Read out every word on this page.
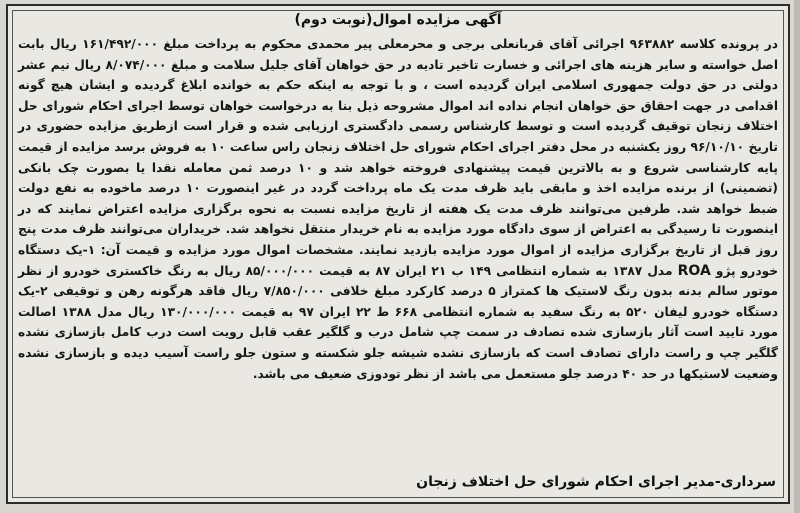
آگهی مزایده اموال(نوبت دوم)
در پرونده کلاسه ۹۶۳۸۸۲ اجرائی آقای قربانعلی برجی و محرمعلی پیر محمدی محکوم به پرداخت مبلغ ۱۶۱/۴۹۲/۰۰۰ ریال بابت اصل خواسته و سایر هزینه های اجرائی و خسارت تاخیر تادیه در حق خواهان آقای جلیل سلامت و مبلغ ۸/۰۷۴/۰۰۰ ریال نیم عشر دولتی در حق دولت جمهوری اسلامی ایران گردیده است ، و با توجه به اینکه حکم به خوانده ابلاغ گردیده و ایشان هیچ گونه اقدامی در جهت احقاق حق خواهان انجام نداده اند اموال مشروحه ذیل بنا به درخواست خواهان توسط اجرای احکام شورای حل اختلاف زنجان توقیف گردیده است و توسط کارشناس رسمی دادگستری ارزیابی شده و قرار است ازطریق مزایده حضوری در تاریخ ۹۶/۱۰/۱۰ روز یکشنبه در محل دفتر اجرای احکام شورای حل اختلاف زنجان راس ساعت ۱۰ به فروش برسد مزایده از قیمت پایه کارشناسی شروع و به بالاترین قیمت پیشنهادی فروخته خواهد شد و ۱۰ درصد ثمن معامله نقدا یا بصورت چک بانکی (تضمینی) از برنده مزایده اخذ و مابقی باید ظرف مدت یک ماه پرداخت گردد در غیر اینصورت ۱۰ درصد ماخوده به نفع دولت ضبط خواهد شد. طرفین می‌توانند ظرف مدت یک هفته از تاریخ مزایده نسبت به نحوه برگزاری مزایده اعتراض نمایند که در اینصورت تا رسیدگی به اعتراض از سوی دادگاه مورد مزایده به نام خریدار منتقل نخواهد شد. خریداران می‌توانند ظرف مدت پنج روز قبل از تاریخ برگزاری مزایده از اموال مورد مزایده بازدید نمایند. مشخصات اموال مورد مزایده و قیمت آن: ۱-یک دستگاه خودرو پژو ROA مدل ۱۳۸۷ به شماره انتظامی ۱۴۹ ب ۲۱ ایران ۸۷ به قیمت ۸۵/۰۰۰/۰۰۰ ریال به رنگ خاکستری خودرو از نظر موتور سالم بدنه بدون رنگ لاستیک ها کمتراز ۵ درصد کارکرد مبلغ خلافی ۷/۸۵۰/۰۰۰ ریال فاقد هرگونه رهن و توقیفی ۲-یک دستگاه خودرو لیفان ۵۲۰ به رنگ سفید به شماره انتظامی ۶۶۸ ط ۲۲ ایران ۹۷ به قیمت ۱۳۰/۰۰۰/۰۰۰ ریال مدل ۱۳۸۸ اصالت مورد تایید است آثار بازسازی شده تصادف در سمت چپ شامل درب و گلگیر عقب قابل رویت است درب کامل بازسازی نشده گلگیر چپ و راست دارای تصادف است که بازسازی نشده شیشه جلو شکسته و ستون جلو راست آسیب دیده و بازسازی نشده وضعیت لاستیکها در حد ۴۰ درصد جلو مستعمل می باشد از نظر تودوزی ضعیف می باشد.
سرداری-مدیر اجرای احکام شورای حل اختلاف زنجان
